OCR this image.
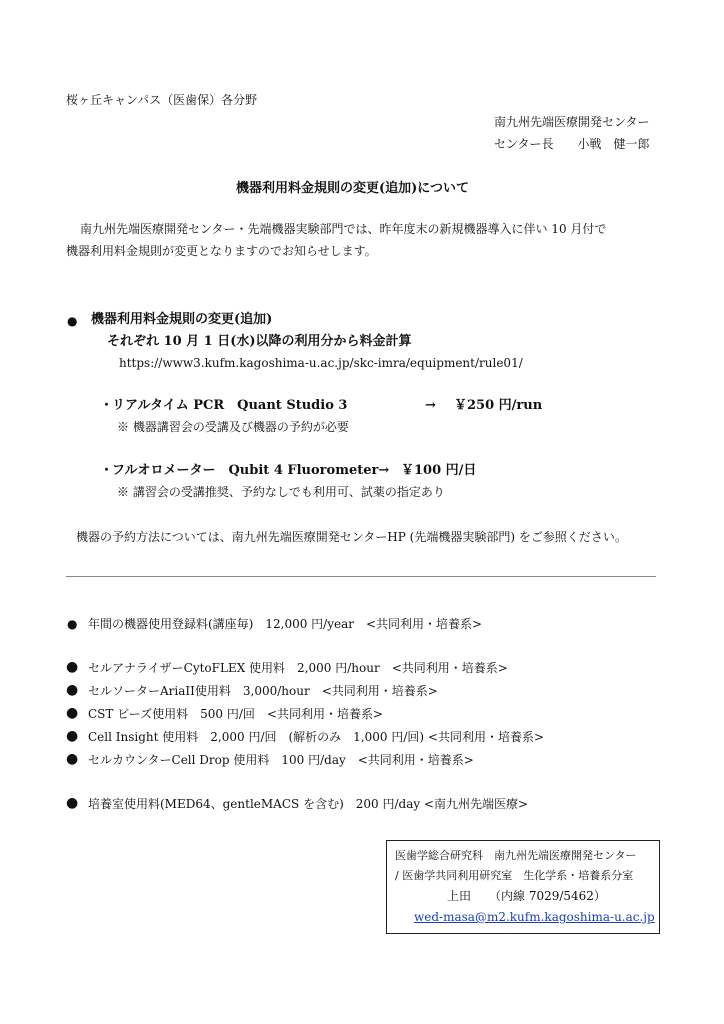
桜ヶ丘キャンパス（医歯保）各分野
南九州先端医療開発センター
センター長　　小戦　健一郎
機器利用料金規則の変更(追加)について
南九州先端医療開発センター・先端機器実験部門では、昨年度末の新規機器導入に伴い 10 月付で
機器利用料金規則が変更となりますのでお知らせします。
● 機器利用料金規則の変更(追加)
それぞれ 10 月 1 日(水)以降の利用分から料金計算
https://www3.kufm.kagoshima-u.ac.jp/skc-imra/equipment/rule01/
・
リアルタイム PCR　Quant Studio 3	→ ￥250 円/run
※ 機器講習会の受講及び機器の予約が必要
・
フルオロメーター　Qubit 4 Fluorometer→ ￥100 円/日
※ 講習会の受講推奨、予約なしでも利用可、試薬の指定あり
機器の予約方法については、南九州先端医療開発センターHP (先端機器実験部門) をご参照ください。
● 年間の機器使用登録料(講座毎)　12,000 円/year　<共同利用・培養系>
● セルアナライザーCytoFLEX 使用料　2,000 円/hour　<共同利用・培養系>
● セルソーターAriaII使用料　3,000/hour　<共同利用・培養系>
● CST ビーズ使用料　500 円/回　<共同利用・培養系>
● Cell Insight 使用料　2,000 円/回　(解析のみ　1,000 円/回) <共同利用・培養系>
● セルカウンターCell Drop 使用料　100 円/day　<共同利用・培養系>
● 培養室使用料(MED64、gentleMACS を含む)　200 円/day <南九州先端医療>
医歯学総合研究科　南九州先端医療開発センター
/ 医歯学共同利用研究室　生化学系・培養系分室
上田　　（内線 7029/5462）
wed-masa@m2.kufm.kagoshima-u.ac.jp
